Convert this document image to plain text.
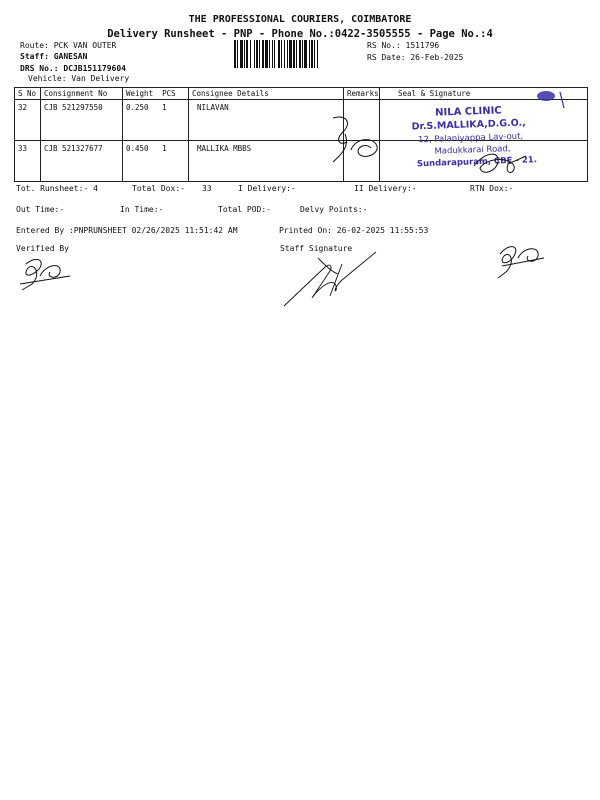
THE PROFESSIONAL COURIERS, COIMBATORE
Delivery Runsheet - PNP - Phone No.:0422-3505555 - Page No.:4
Route: PCK VAN OUTER
Staff: GANESAN
DRS No.: DCJB151179604
Vehicle: Van Delivery
RS No.: 1511796
RS Date: 26-Feb-2025
S No	Consignment No	Weight PCS	Consignee Details	Remarks	Seal & Signature
32	CJB 521297550	0.250 1	NILAVAN		
33	CJB 521327677	0.450 1	MALLIKA MBBS		
NILA CLINIC
Dr.S.MALLIKA,D.G.O.,
12, Palaniyappa Lay-out,
Madukkarai Road,
Sundarapuram, CBE - 21.
Tot. Runsheet:- 4	Total Dox:- 33	I Delivery:-	II Delivery:-	RTN Dox:-
Out Time:-	In Time:-	Total POD:-	Delvy Points:-
Entered By :PNPRUNSHEET 02/26/2025 11:51:42 AM	Printed On: 26-02-2025 11:55:53
Verified By	Staff Signature
